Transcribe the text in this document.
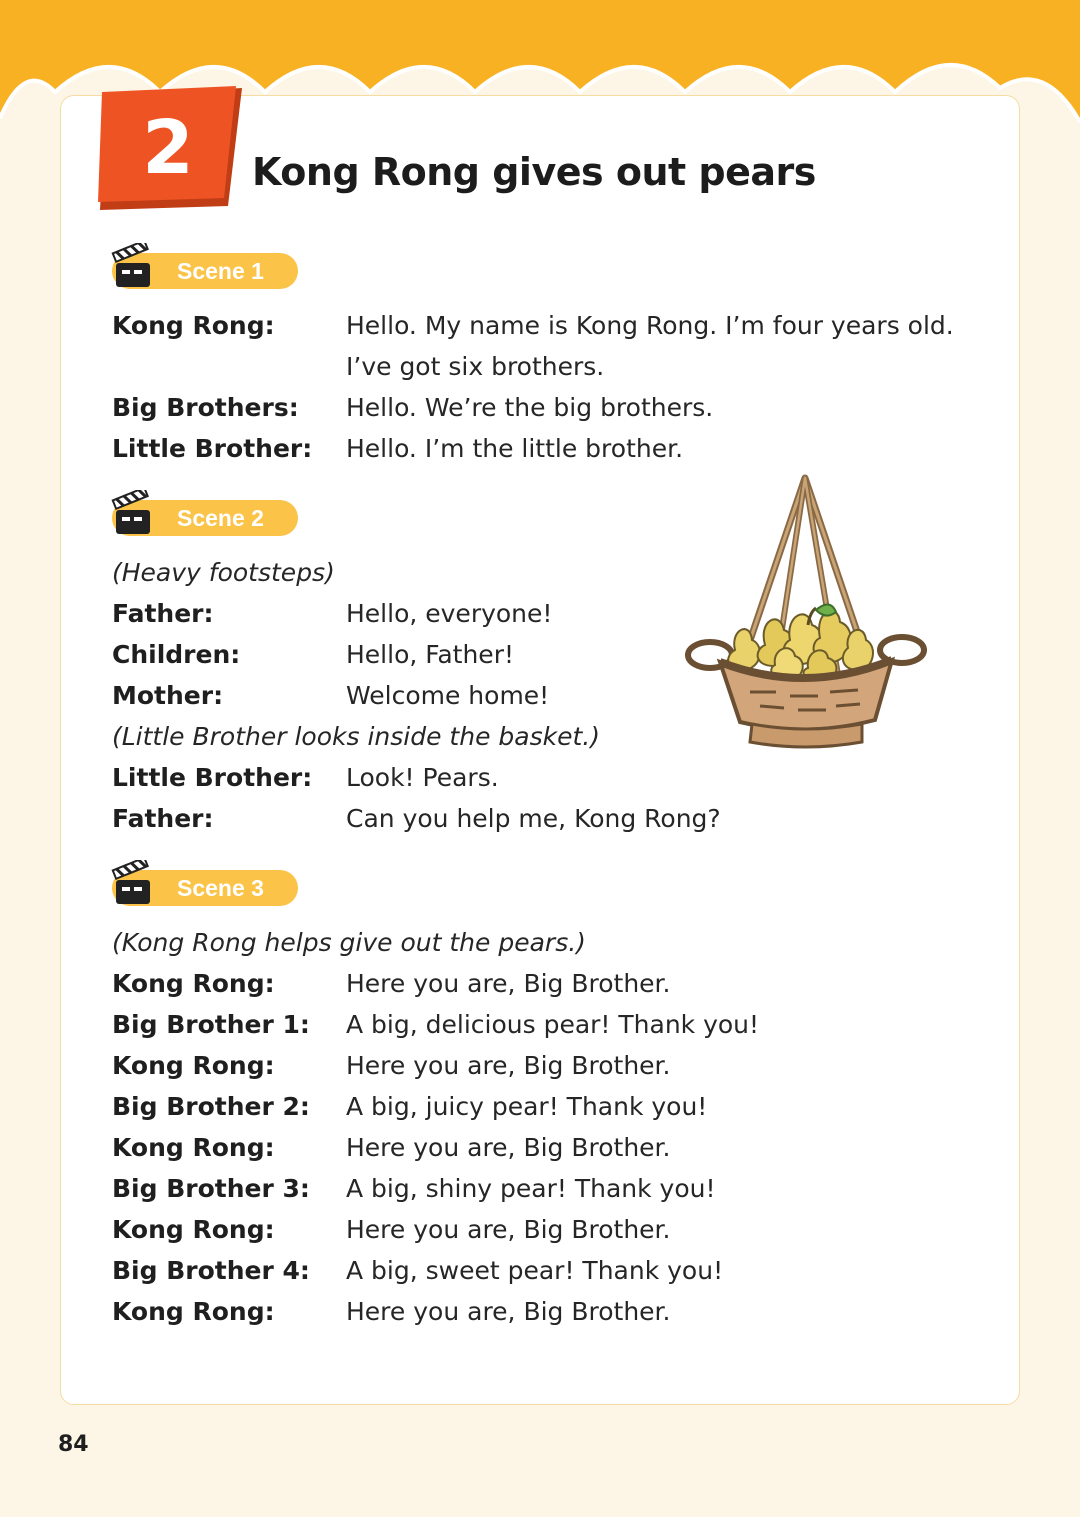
2	Kong Rong gives out pears
Scene 1
Kong Rong:	Hello. My name is Kong Rong. I’m four years old. I’ve got six brothers.
Big Brothers: Hello. We’re the big brothers.
Little Brother: Hello. I’m the little brother.
Scene 2
(Heavy footsteps)
Father:	Hello, everyone!
Children:	Hello, Father!
Mother:	Welcome home!
(Little Brother looks inside the basket.)
Little Brother: Look! Pears.
Father:	Can you help me, Kong Rong?
Scene 3
(Kong Rong helps give out the pears.)
Kong Rong:	Here you are, Big Brother.
Big Brother 1: A big, delicious pear! Thank you!
Kong Rong:	Here you are, Big Brother.
Big Brother 2: A big, juicy pear! Thank you!
Kong Rong:	Here you are, Big Brother.
Big Brother 3: A big, shiny pear! Thank you!
Kong Rong:	Here you are, Big Brother.
Big Brother 4: A big, sweet pear! Thank you!
Kong Rong:	Here you are, Big Brother.
84
